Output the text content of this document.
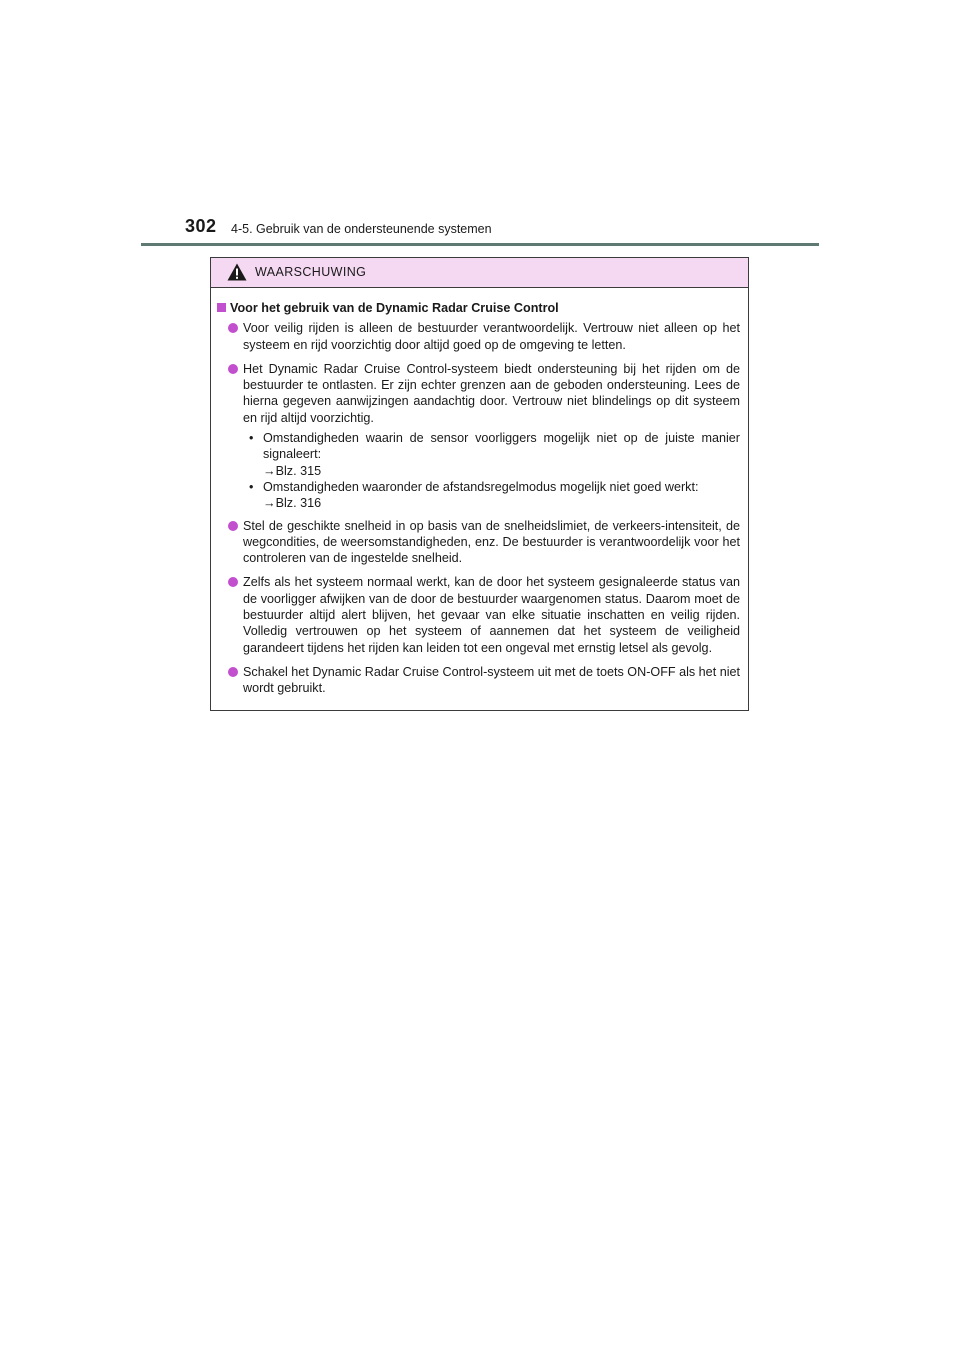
302 4-5. Gebruik van de ondersteunende systemen
WAARSCHUWING
Voor het gebruik van de Dynamic Radar Cruise Control
Voor veilig rijden is alleen de bestuurder verantwoordelijk. Vertrouw niet alleen op het systeem en rijd voorzichtig door altijd goed op de omgeving te letten.
Het Dynamic Radar Cruise Control-systeem biedt ondersteuning bij het rijden om de bestuurder te ontlasten. Er zijn echter grenzen aan de geboden ondersteuning. Lees de hierna gegeven aanwijzingen aandachtig door. Vertrouw niet blindelings op dit systeem en rijd altijd voorzichtig.
• Omstandigheden waarin de sensor voorliggers mogelijk niet op de juiste manier signaleert:
→Blz. 315
• Omstandigheden waaronder de afstandsregelmodus mogelijk niet goed werkt:
→Blz. 316
Stel de geschikte snelheid in op basis van de snelheidslimiet, de verkeers-intensiteit, de wegcondities, de weersomstandigheden, enz. De bestuurder is verantwoordelijk voor het controleren van de ingestelde snelheid.
Zelfs als het systeem normaal werkt, kan de door het systeem gesignaleerde status van de voorligger afwijken van de door de bestuurder waargenomen status. Daarom moet de bestuurder altijd alert blijven, het gevaar van elke situatie inschatten en veilig rijden. Volledig vertrouwen op het systeem of aannemen dat het systeem de veiligheid garandeert tijdens het rijden kan leiden tot een ongeval met ernstig letsel als gevolg.
Schakel het Dynamic Radar Cruise Control-systeem uit met de toets ON-OFF als het niet wordt gebruikt.
